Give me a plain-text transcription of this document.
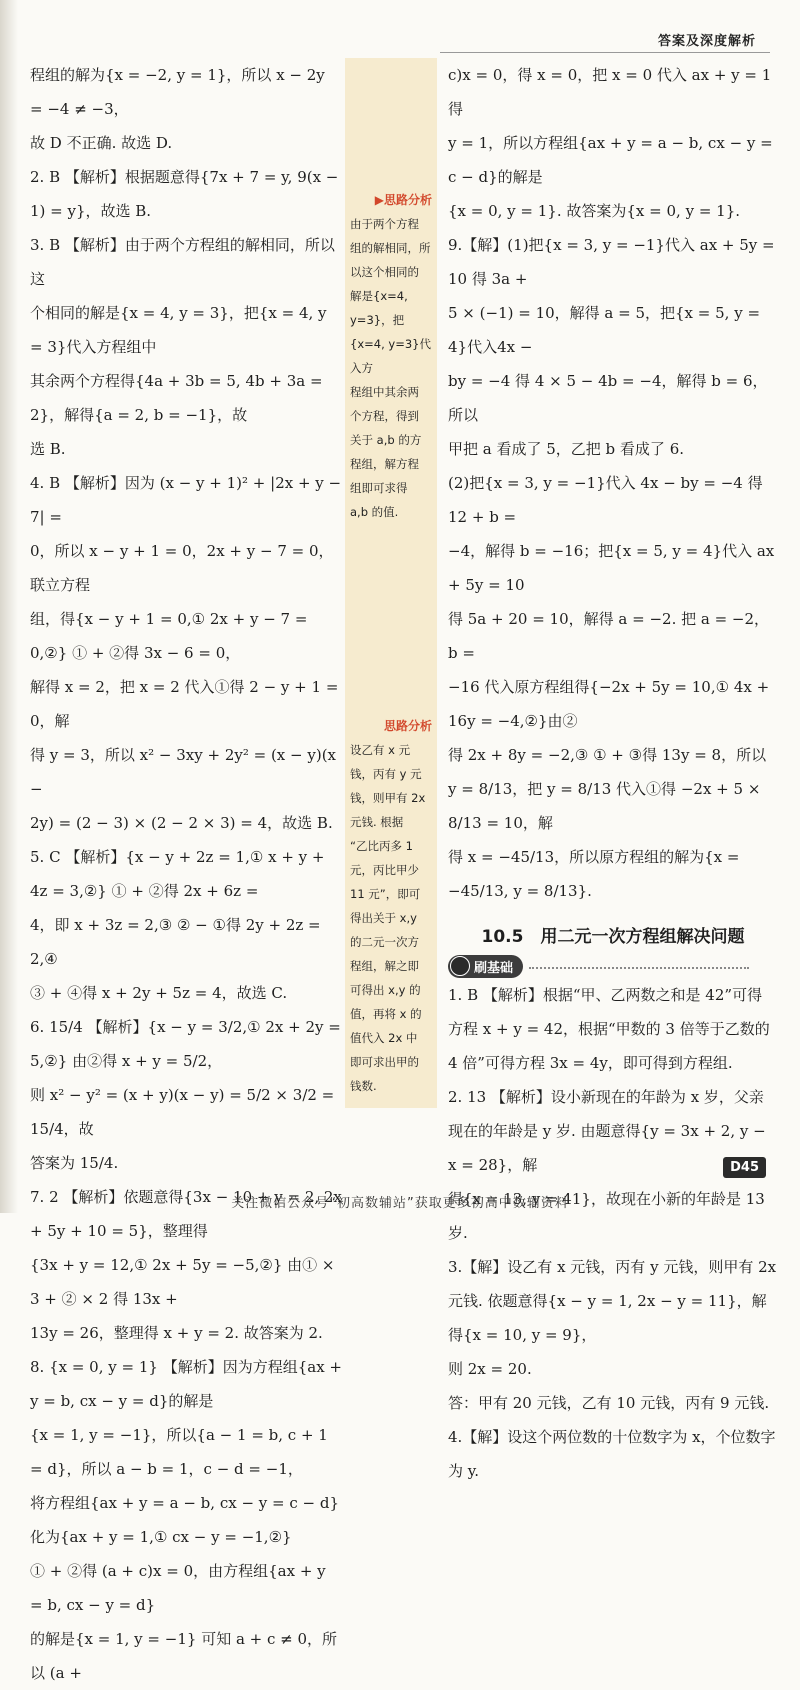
答案及深度解析

程组的解为{x = −2, y = 1}，所以 x − 2y = −4 ≠ −3，

故 D 不正确. 故选 D.

2. B 【解析】根据题意得{7x + 7 = y, 9(x − 1) = y}，故选 B.

3. B 【解析】由于两个方程组的解相同，所以这

个相同的解是{x = 4, y = 3}，把{x = 4, y = 3}代入方程组中

其余两个方程得{4a + 3b = 5, 4b + 3a = 2}，解得{a = 2, b = −1}，故

选 B.

4. B 【解析】因为 (x − y + 1)² + |2x + y − 7| =

0，所以 x − y + 1 = 0，2x + y − 7 = 0，联立方程

组，得{x − y + 1 = 0,① 2x + y − 7 = 0,②} ① + ②得 3x − 6 = 0，

解得 x = 2，把 x = 2 代入①得 2 − y + 1 = 0，解

得 y = 3，所以 x² − 3xy + 2y² = (x − y)(x −

2y) = (2 − 3) × (2 − 2 × 3) = 4，故选 B.

5. C 【解析】{x − y + 2z = 1,① x + y + 4z = 3,②} ① + ②得 2x + 6z =

4，即 x + 3z = 2,③ ② − ①得 2y + 2z = 2,④

③ + ④得 x + 2y + 5z = 4，故选 C.

6. 15/4 【解析】{x − y = 3/2,① 2x + 2y = 5,②} 由②得 x + y = 5/2，

则 x² − y² = (x + y)(x − y) = 5/2 × 3/2 = 15/4，故

答案为 15/4.

7. 2 【解析】依题意得{3x − 10 + y = 2, 2x + 5y + 10 = 5}，整理得

{3x + y = 12,① 2x + 5y = −5,②} 由① × 3 + ② × 2 得 13x +

13y = 26，整理得 x + y = 2. 故答案为 2.

8. {x = 0, y = 1} 【解析】因为方程组{ax + y = b, cx − y = d}的解是

{x = 1, y = −1}，所以{a − 1 = b, c + 1 = d}，所以 a − b = 1，c − d = −1，

将方程组{ax + y = a − b, cx − y = c − d}化为{ax + y = 1,① cx − y = −1,②}

① + ②得 (a + c)x = 0，由方程组{ax + y = b, cx − y = d}

的解是{x = 1, y = −1} 可知 a + c ≠ 0，所以 (a +

▶思路分析

由于两个方程

组的解相同，所

以这个相同的

解是{x=4, y=3}，把

{x=4, y=3}代入方

程组中其余两

个方程，得到

关于 a,b 的方

程组，解方程

组即可求得

a,b 的值.

思路分析

设乙有 x 元

钱，丙有 y 元

钱，则甲有 2x

元钱. 根据

“乙比丙多 1

元，丙比甲少

11 元”，即可

得出关于 x,y

的二元一次方

程组，解之即

可得出 x,y 的

值，再将 x 的

值代入 2x 中

即可求出甲的

钱数.

c)x = 0，得 x = 0，把 x = 0 代入 ax + y = 1 得

y = 1，所以方程组{ax + y = a − b, cx − y = c − d}的解是

{x = 0, y = 1}. 故答案为{x = 0, y = 1}.

9.【解】(1)把{x = 3, y = −1}代入 ax + 5y = 10 得 3a +

5 × (−1) = 10，解得 a = 5，把{x = 5, y = 4}代入4x −

by = −4 得 4 × 5 − 4b = −4，解得 b = 6，所以

甲把 a 看成了 5，乙把 b 看成了 6.

(2)把{x = 3, y = −1}代入 4x − by = −4 得 12 + b =

−4，解得 b = −16；把{x = 5, y = 4}代入 ax + 5y = 10

得 5a + 20 = 10，解得 a = −2. 把 a = −2，b =

−16 代入原方程组得{−2x + 5y = 10,① 4x + 16y = −4,②}由②

得 2x + 8y = −2,③ ① + ③得 13y = 8，所以

y = 8/13，把 y = 8/13 代入①得 −2x + 5 × 8/13 = 10，解

得 x = −45/13，所以原方程组的解为{x = −45/13, y = 8/13}.

10.5　用二元一次方程组解决问题
刷基础

1. B 【解析】根据“甲、乙两数之和是 42”可得

方程 x + y = 42，根据“甲数的 3 倍等于乙数的

4 倍”可得方程 3x = 4y，即可得到方程组.

2. 13 【解析】设小新现在的年龄为 x 岁，父亲

现在的年龄是 y 岁. 由题意得{y = 3x + 2, y − x = 28}，解

得{x = 13, y = 41}，故现在小新的年龄是 13 岁.

3.【解】设乙有 x 元钱，丙有 y 元钱，则甲有 2x

元钱. 依题意得{x − y = 1, 2x − y = 11}，解得{x = 10, y = 9}，

则 2x = 20.

答：甲有 20 元钱，乙有 10 元钱，丙有 9 元钱.

4.【解】设这个两位数的十位数字为 x，个位数字

为 y.

D45
关注微信公众号“初高数辅站”获取更多初高中数辅资料
